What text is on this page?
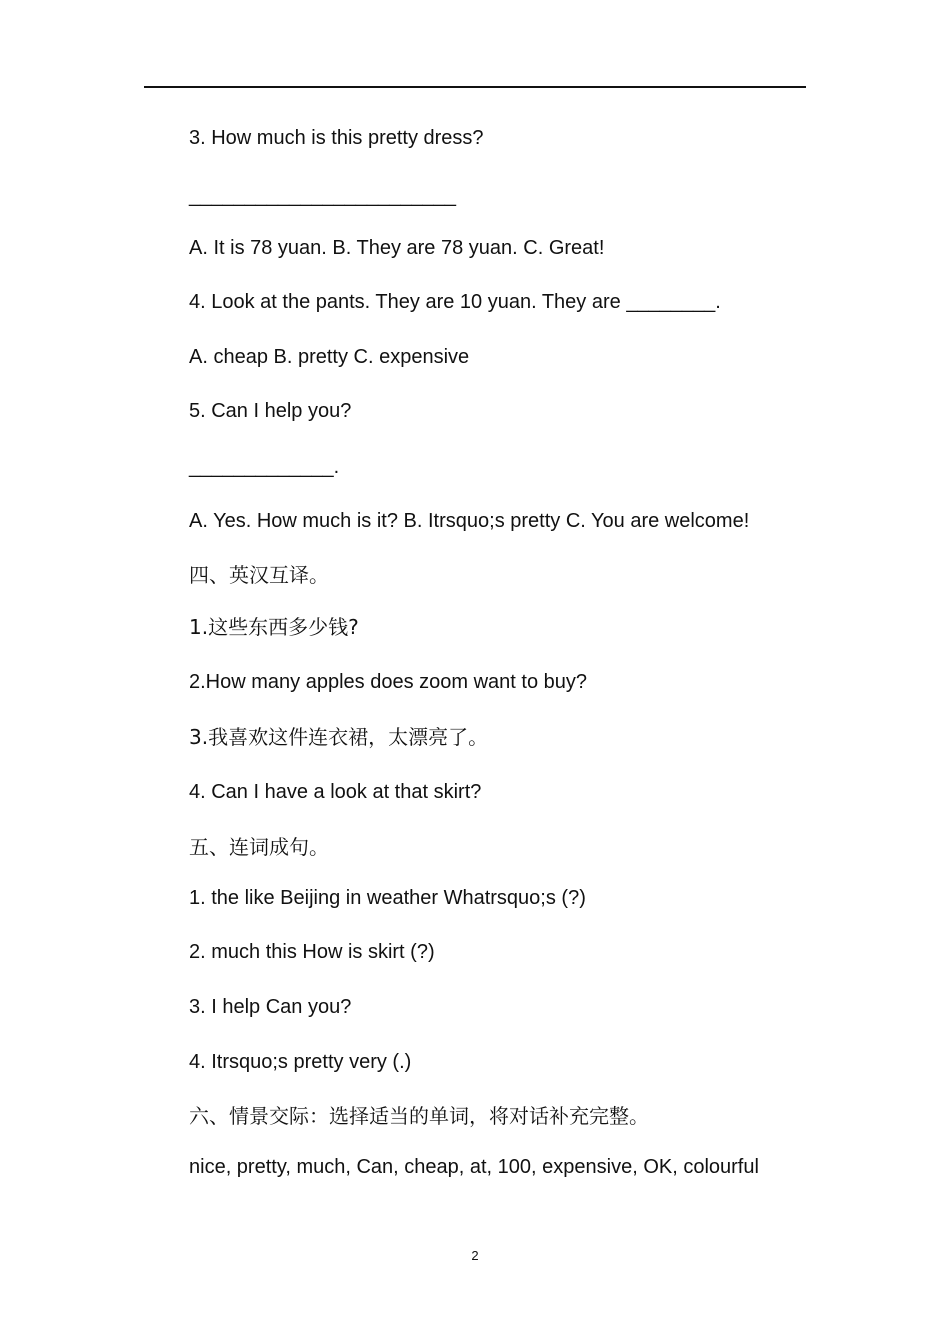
3. How much is this pretty dress?
________________________
A. It is 78 yuan. B. They are 78 yuan. C. Great!
4. Look at the pants. They are 10 yuan. They are ________.
A. cheap B. pretty C. expensive
5. Can I help you?
_____________.
A. Yes. How much is it? B. Itrsquo;s pretty C. You are welcome!
四、英汉互译。
1.这些东西多少钱?
2.How many apples does zoom want to buy?
3.我喜欢这件连衣裙，太漂亮了。
4. Can I have a look at that skirt?
五、连词成句。
1. the like Beijing in weather Whatrsquo;s (?)
2. much this How is skirt (?)
3. I help Can you?
4. Itrsquo;s pretty very (.)
六、情景交际：选择适当的单词，将对话补充完整。
nice, pretty, much, Can, cheap, at, 100, expensive, OK, colourful
2
